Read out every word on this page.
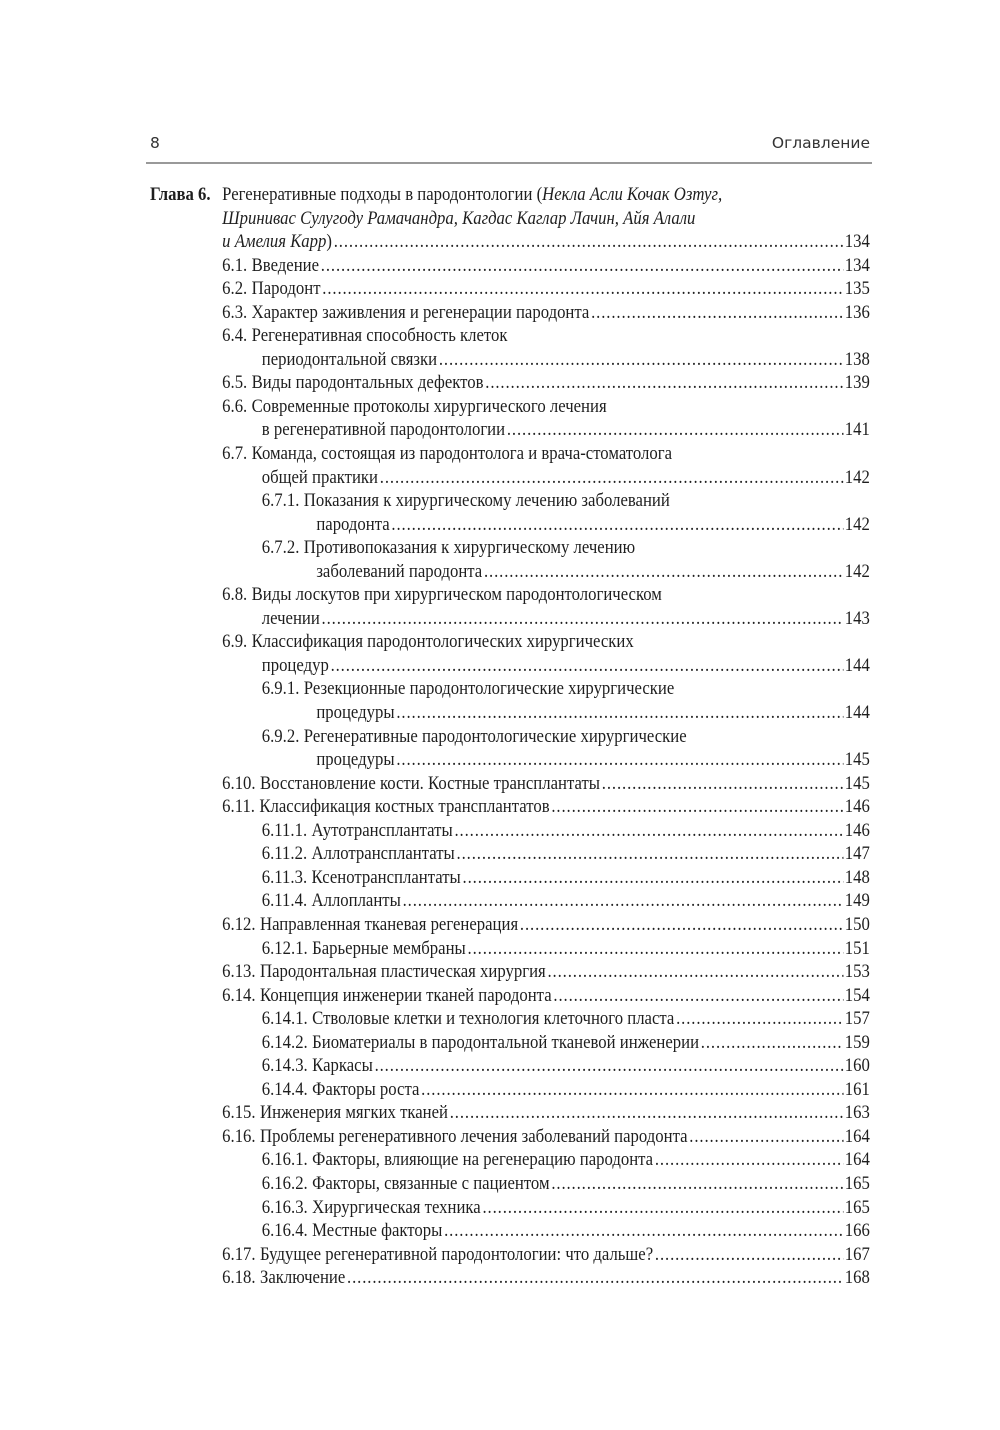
8	Оглавление
Глава 6. Регенеративные подходы в пародонтологии ( Некла Асли Кочак Озтуг,
Шринивас Сулугоду Рамачандра, Кагдас Каглар Лачин, Айя Алали
и Амелия Карр ) .....	134
6.1. Введение .....	134
6.2. Пародонт .....	135
6.3. Характер заживления и регенерации пародонта .....	136
6.4. Регенеративная способность клеток
периодонтальной связки .....	138
6.5. Виды пародонтальных дефектов .....	139
6.6. Современные протоколы хирургического лечения
в регенеративной пародонтологии .....	141
6.7. Команда, состоящая из пародонтолога и врача-стоматолога
общей практики .....	142
6.7.1. Показания к хирургическому лечению заболеваний
пародонта .....	142
6.7.2. Противопоказания к хирургическому лечению
заболеваний пародонта .....	142
6.8. Виды лоскутов при хирургическом пародонтологическом
лечении .....	143
6.9. Классификация пародонтологических хирургических
процедур .....	144
6.9.1. Резекционные пародонтологические хирургические
процедуры .....	144
6.9.2. Регенеративные пародонтологические хирургические
процедуры .....	145
6.10. Восстановление кости. Костные трансплантаты .....	145
6.11. Классификация костных трансплантатов .....	146
6.11.1. Аутотрансплантаты .....	146
6.11.2. Аллотрансплантаты .....	147
6.11.3. Ксенотрансплантаты .....	148
6.11.4. Аллопланты .....	149
6.12. Направленная тканевая регенерация .....	150
6.12.1. Барьерные мембраны .....	151
6.13. Пародонтальная пластическая хирургия .....	153
6.14. Концепция инженерии тканей пародонта .....	154
6.14.1. Стволовые клетки и технология клеточного пласта .....	157
6.14.2. Биоматериалы в пародонтальной тканевой инженерии .....	159
6.14.3. Каркасы .....	160
6.14.4. Факторы роста .....	161
6.15. Инженерия мягких тканей .....	163
6.16. Проблемы регенеративного лечения заболеваний пародонта .....	164
6.16.1. Факторы, влияющие на регенерацию пародонта .....	164
6.16.2. Факторы, связанные с пациентом .....	165
6.16.3. Хирургическая техника .....	165
6.16.4. Местные факторы .....	166
6.17. Будущее регенеративной пародонтологии: что дальше? .....	167
6.18. Заключение .....	168
